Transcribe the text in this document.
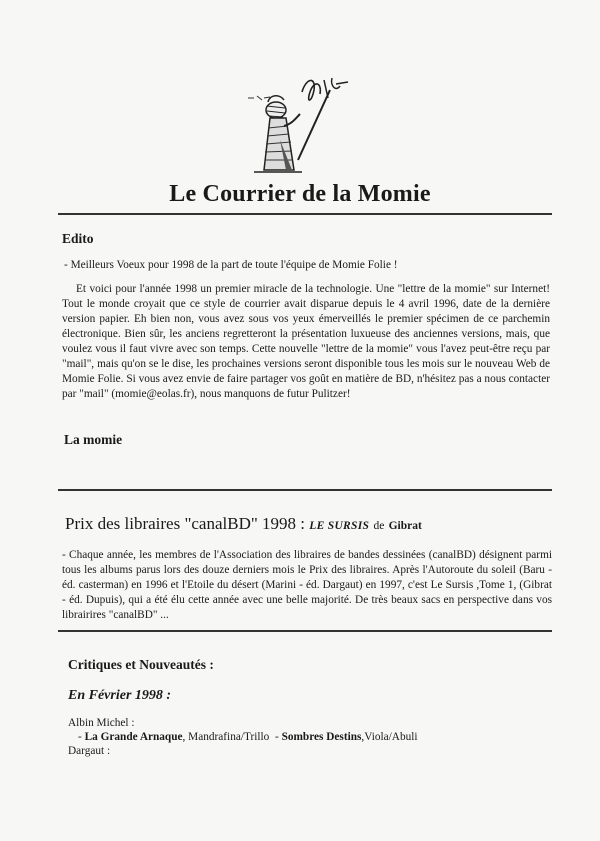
Le Courrier de la Momie
Edito
- Meilleurs Voeux pour 1998 de la part de toute l'équipe de Momie Folie !
Et voici pour l'année 1998 un premier miracle de la technologie. Une "lettre de la momie" sur Internet! Tout le monde croyait que ce style de courrier avait disparue depuis le 4 avril 1996, date de la dernière version papier. Eh bien non, vous avez sous vos yeux émerveillés le premier spécimen de ce parchemin électronique. Bien sûr, les anciens regretteront la présentation luxueuse des anciennes versions, mais, que voulez vous il faut vivre avec son temps. Cette nouvelle "lettre de la momie" vous l'avez peut-être reçu par "mail", mais qu'on se le dise, les prochaines versions seront disponible tous les mois sur le nouveau Web de Momie Folie. Si vous avez envie de faire partager vos goût en matière de BD, n'hésitez pas a nous contacter par "mail" (momie@eolas.fr), nous manquons de futur Pulitzer!
La momie
Prix des libraires "canalBD" 1998 : LE SURSIS de Gibrat
- Chaque année, les membres de l'Association des libraires de bandes dessinées (canalBD) désignent parmi tous les albums parus lors des douze derniers mois le Prix des libraires. Après l'Autoroute du soleil (Baru - éd. casterman) en 1996 et l'Etoile du désert (Marini - éd. Dargaut) en 1997, c'est Le Sursis ,Tome 1, (Gibrat - éd. Dupuis), qui a été élu cette année avec une belle majorité. De très beaux sacs en perspective dans vos librairires "canalBD" ...
Critiques et Nouveautés :
En Février 1998 :
Albin Michel :
- La Grande Arnaque, Mandrafina/Trillo - Sombres Destins,Viola/Abuli
Dargaut :
